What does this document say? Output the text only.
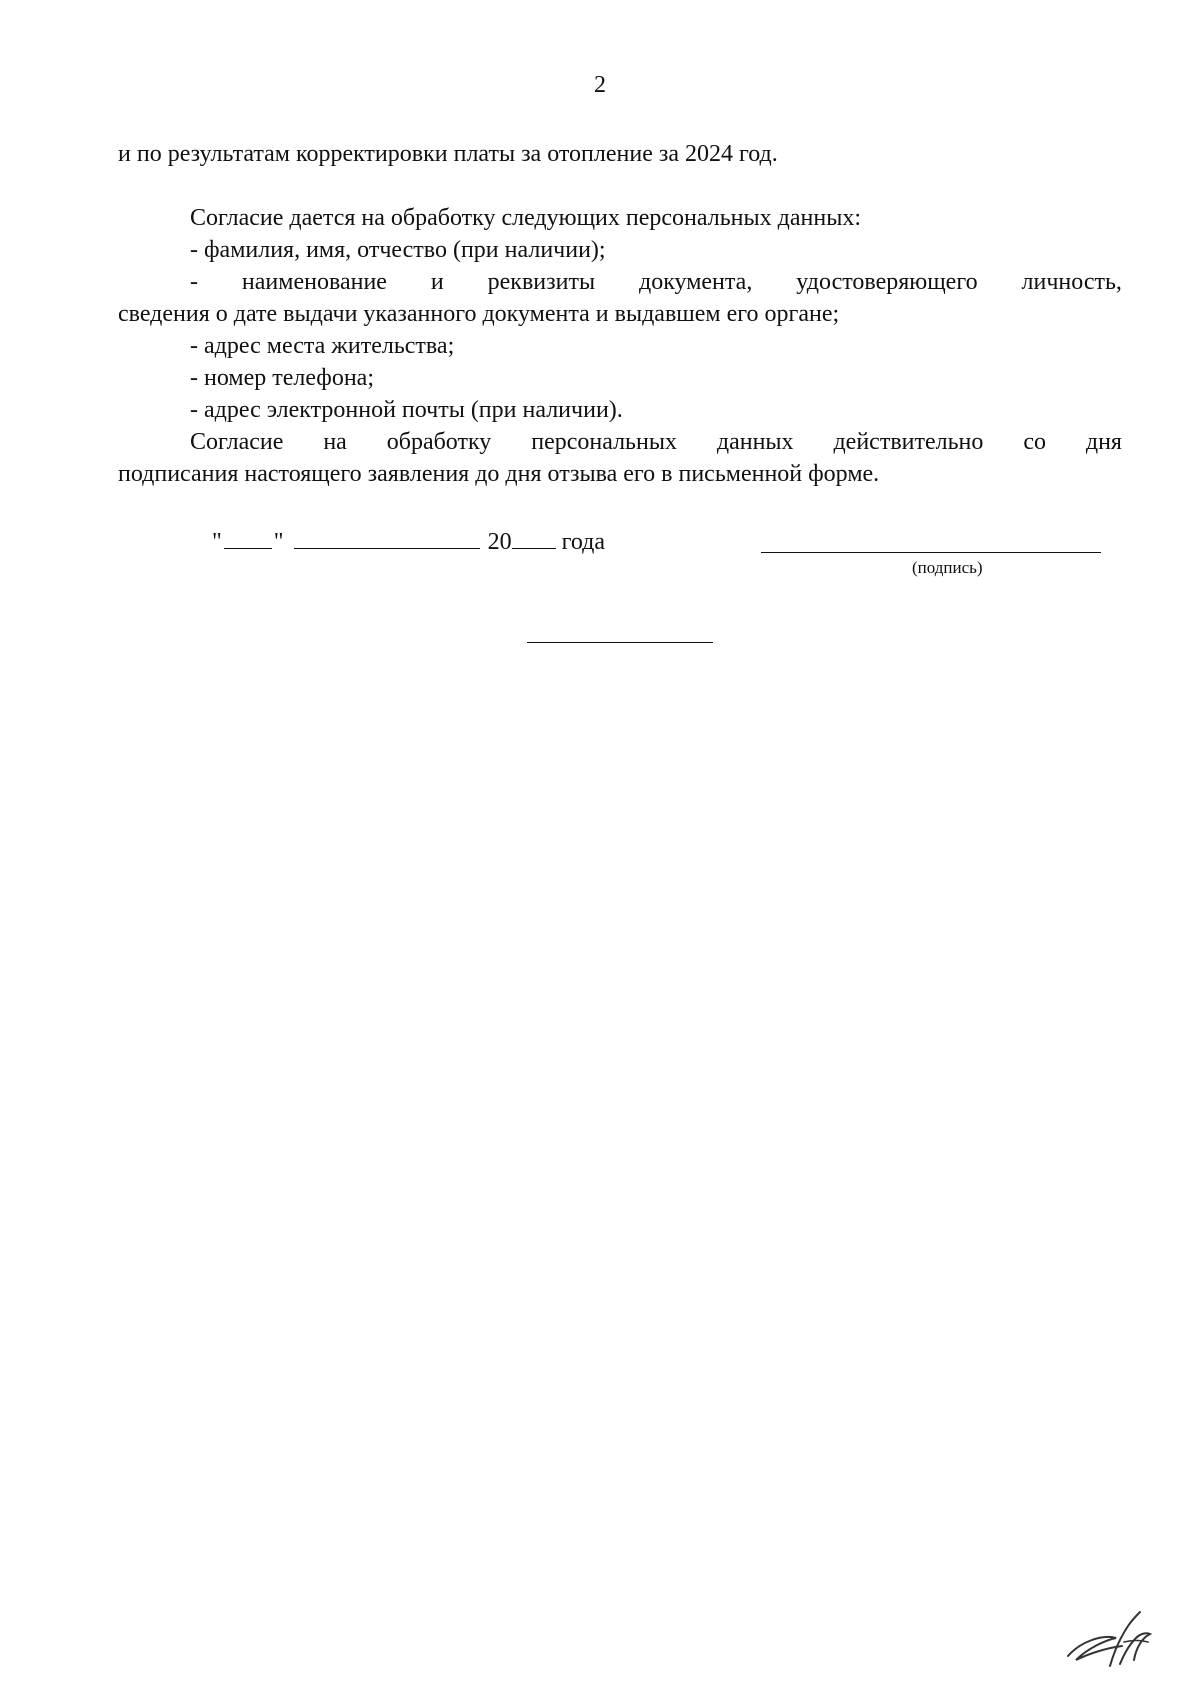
2

и по результатам корректировки платы за отопление за 2024 год.

Согласие дается на обработку следующих персональных данных:

- фамилия, имя, отчество (при наличии);

- наименование и реквизиты документа, удостоверяющего личность,

сведения о дате выдачи указанного документа и выдавшем его органе;

- адрес места жительства;

- номер телефона;

- адрес электронной почты (при наличии).

Согласие на обработку персональных данных действительно со дня

подписания настоящего заявления до дня отзыва его в письменной форме.

" "	20 года
(подпись)
